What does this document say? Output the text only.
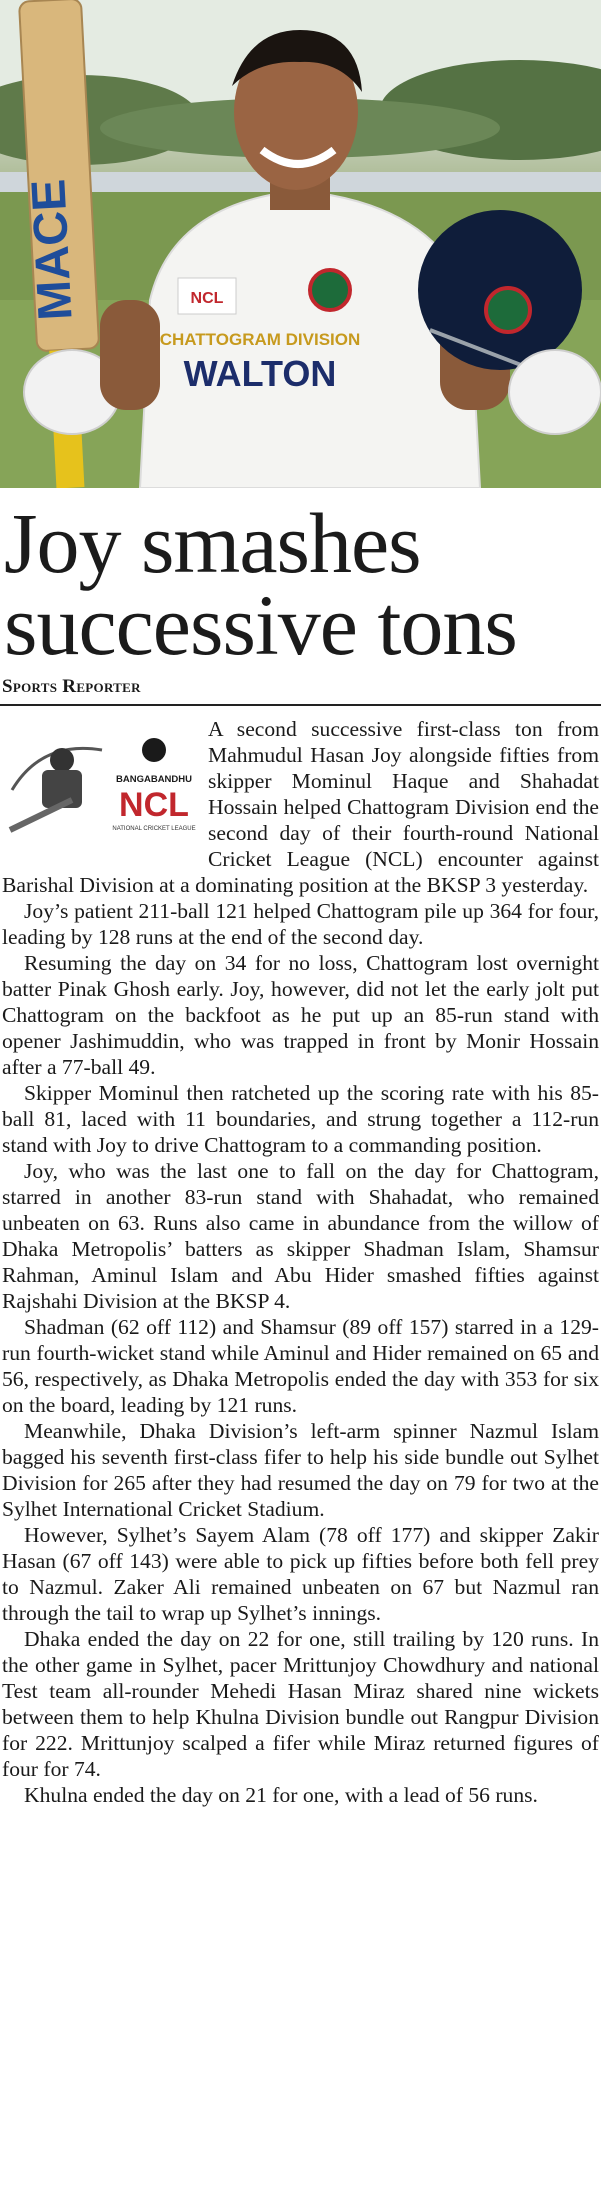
MACE
CHATTOGRAM DIVISION
WALTON
NCL
Joy smashes successive tons
Sports Reporter
BANGABANDHU
NCL
NATIONAL CRICKET LEAGUE

A second successive first-class ton from Mahmudul Hasan Joy alongside fifties from skipper Mominul Haque and Shahadat Hossain helped Chattogram Division end the second day of their fourth-round National Cricket League (NCL) encounter against Barishal Division at a dominating position at the BKSP 3 yesterday.

Joy’s patient 211-ball 121 helped Chattogram pile up 364 for four, leading by 128 runs at the end of the second day.

Resuming the day on 34 for no loss, Chattogram lost overnight batter Pinak Ghosh early. Joy, however, did not let the early jolt put Chattogram on the backfoot as he put up an 85-run stand with opener Jashimuddin, who was trapped in front by Monir Hossain after a 77-ball 49.

Skipper Mominul then ratcheted up the scoring rate with his 85-ball 81, laced with 11 boundaries, and strung together a 112-run stand with Joy to drive Chattogram to a commanding position.

Joy, who was the last one to fall on the day for Chattogram, starred in another 83-run stand with Shahadat, who remained unbeaten on 63. Runs also came in abundance from the willow of Dhaka Metropolis’ batters as skipper Shadman Islam, Shamsur Rahman, Aminul Islam and Abu Hider smashed fifties against Rajshahi Division at the BKSP 4.

Shadman (62 off 112) and Shamsur (89 off 157) starred in a 129-run fourth-wicket stand while Aminul and Hider remained on 65 and 56, respectively, as Dhaka Metropolis ended the day with 353 for six on the board, leading by 121 runs.

Meanwhile, Dhaka Division’s left-arm spinner Nazmul Islam bagged his seventh first-class fifer to help his side bundle out Sylhet Division for 265 after they had resumed the day on 79 for two at the Sylhet International Cricket Stadium.

However, Sylhet’s Sayem Alam (78 off 177) and skipper Zakir Hasan (67 off 143) were able to pick up fifties before both fell prey to Nazmul. Zaker Ali remained unbeaten on 67 but Nazmul ran through the tail to wrap up Sylhet’s innings.

Dhaka ended the day on 22 for one, still trailing by 120 runs. In the other game in Sylhet, pacer Mrittunjoy Chowdhury and national Test team all-rounder Mehedi Hasan Miraz shared nine wickets between them to help Khulna Division bundle out Rangpur Division for 222. Mrittunjoy scalped a fifer while Miraz returned figures of four for 74.

Khulna ended the day on 21 for one, with a lead of 56 runs.
